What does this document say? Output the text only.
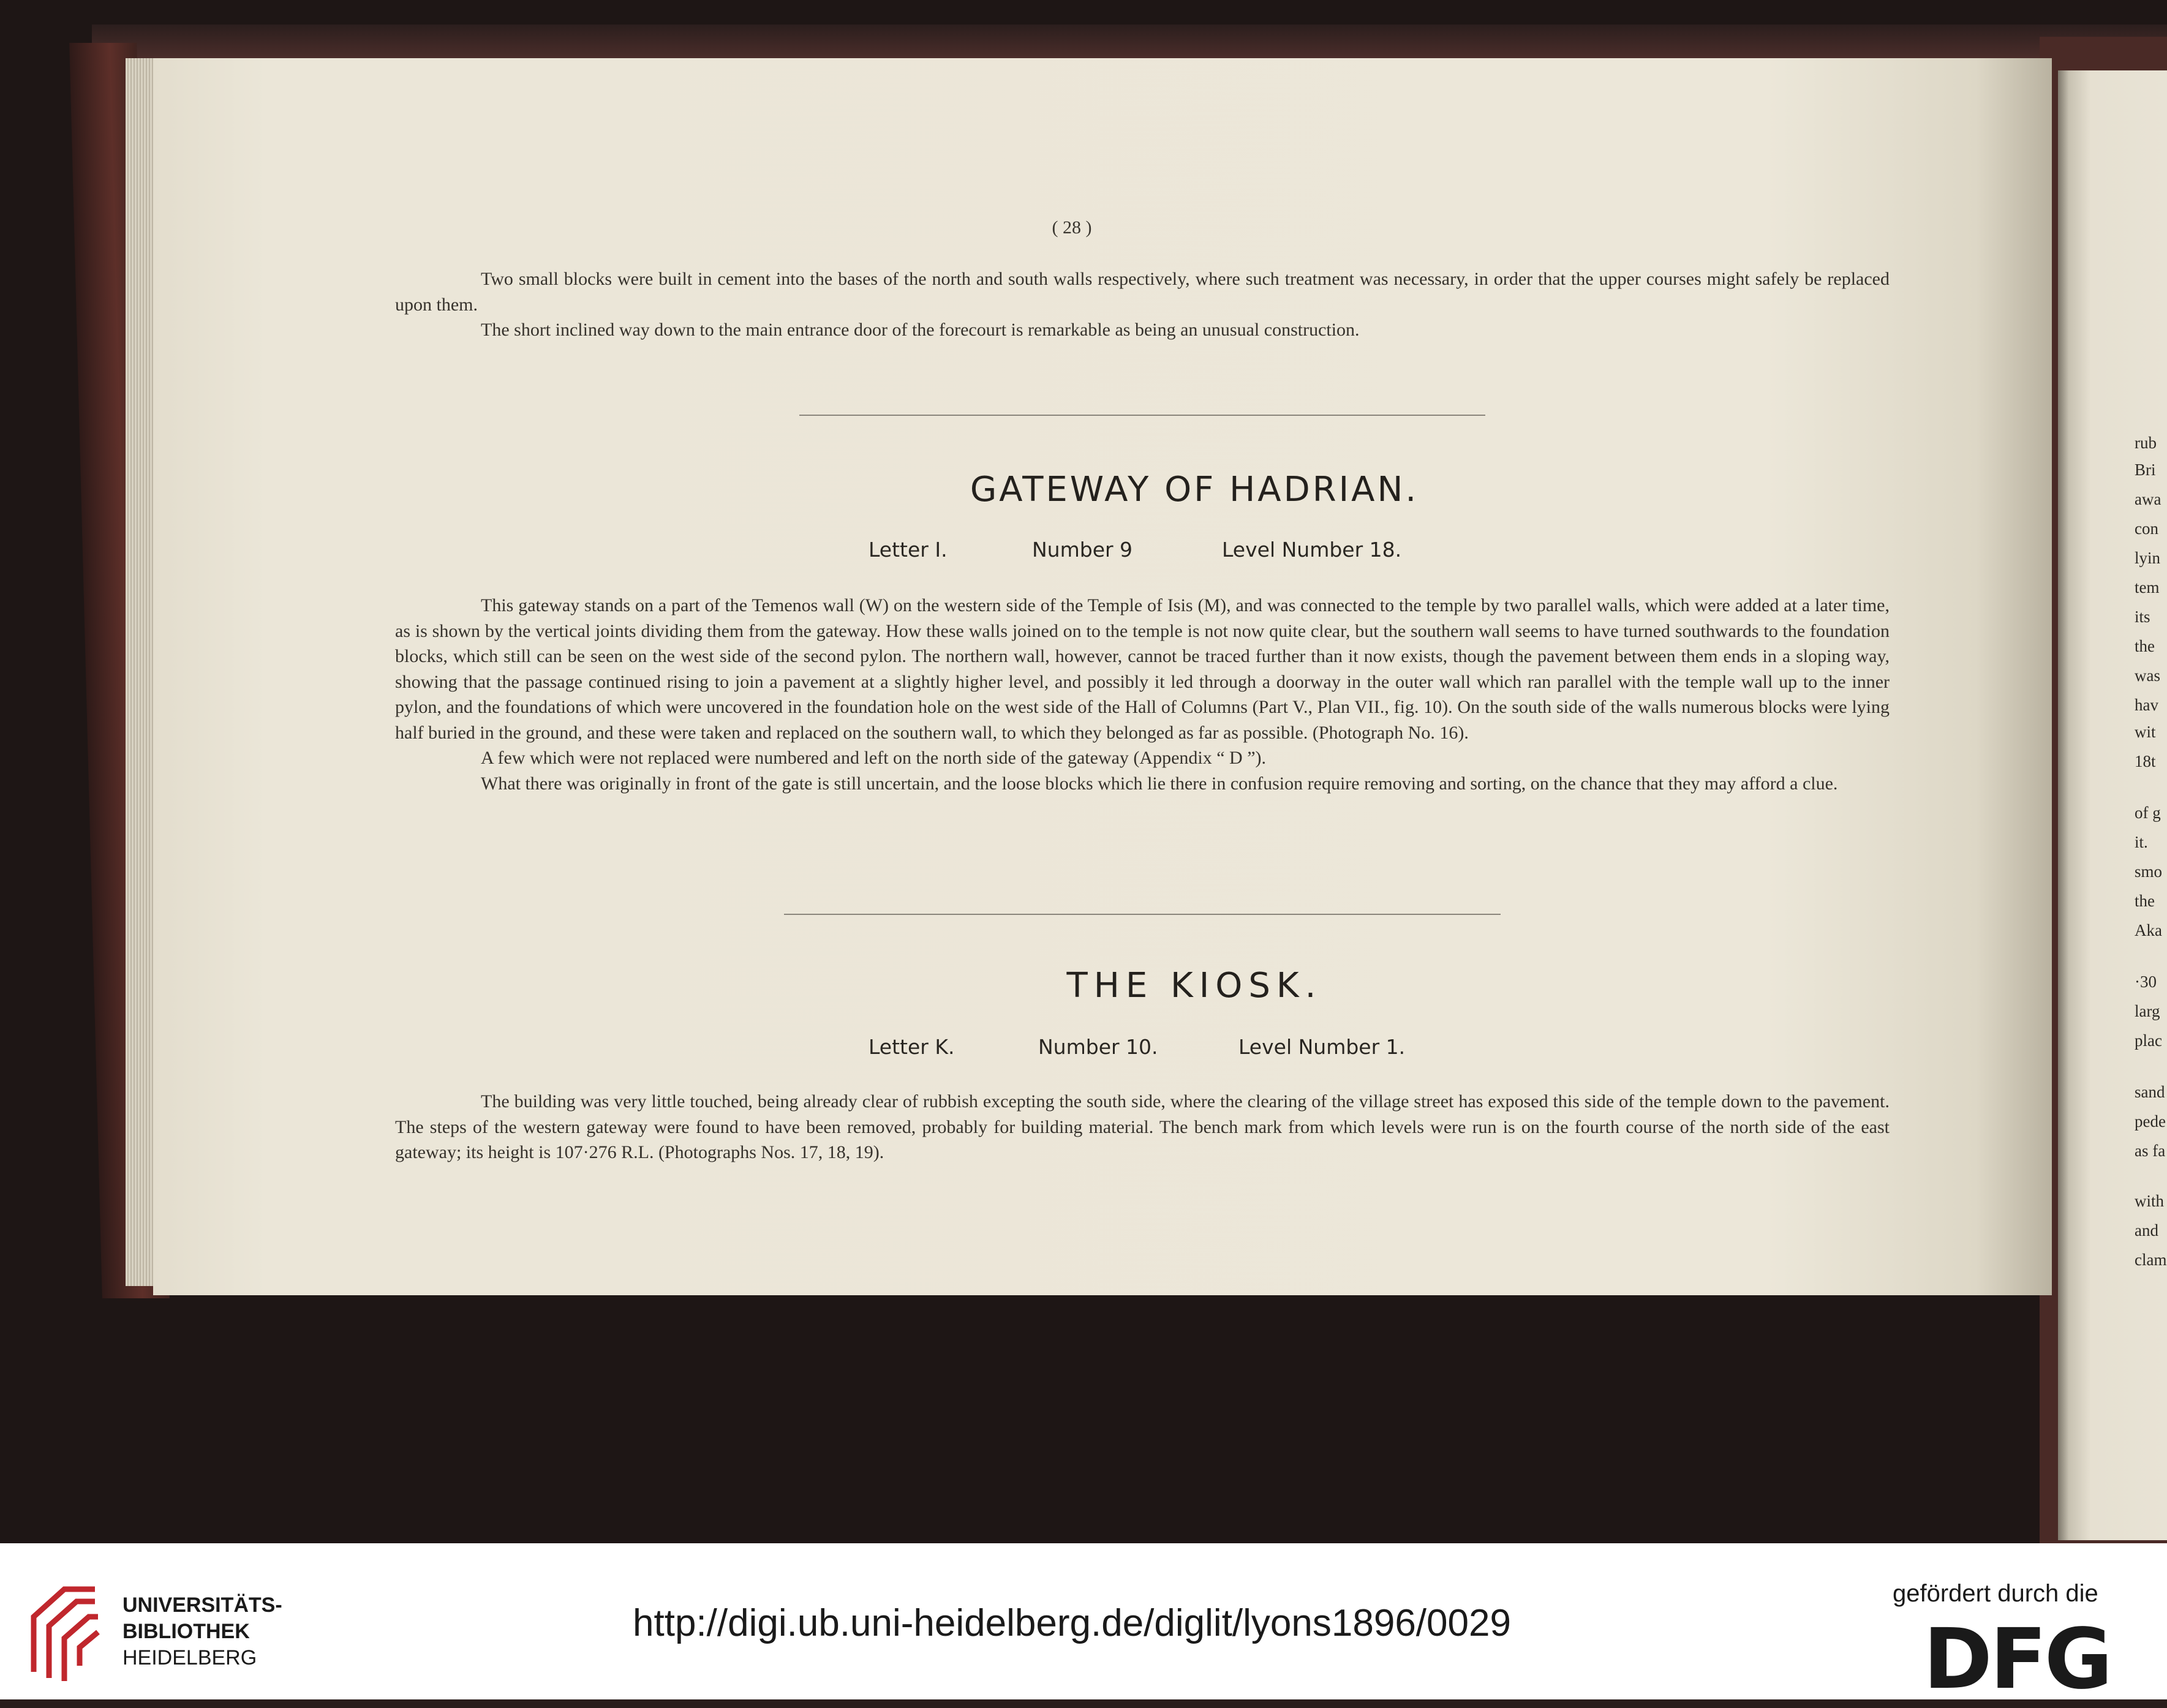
( 28 )

Two small blocks were built in cement into the bases of the north and south walls respectively, where such treatment was necessary, in order that the upper courses might safely be replaced upon them.

The short inclined way down to the main entrance door of the forecourt is remarkable as being an unusual construction.

GATEWAY OF HADRIAN.
Letter I.	Number 9	Level Number 18.

This gateway stands on a part of the Temenos wall (W) on the western side of the Temple of Isis (M), and was connected to the temple by two parallel walls, which were added at a later time, as is shown by the vertical joints dividing them from the gateway. How these walls joined on to the temple is not now quite clear, but the southern wall seems to have turned southwards to the foundation blocks, which still can be seen on the west side of the second pylon. The northern wall, however, cannot be traced further than it now exists, though the pavement between them ends in a sloping way, showing that the passage continued rising to join a pavement at a slightly higher level, and possibly it led through a doorway in the outer wall which ran parallel with the temple wall up to the inner pylon, and the foundations of which were uncovered in the foundation hole on the west side of the Hall of Columns (Part V., Plan VII., fig. 10). On the south side of the walls numerous blocks were lying half buried in the ground, and these were taken and replaced on the southern wall, to which they belonged as far as possible. (Photograph No. 16).

A few which were not replaced were numbered and left on the north side of the gateway (Appendix “ D ”).

What there was originally in front of the gate is still uncertain, and the loose blocks which lie there in confusion require removing and sorting, on the chance that they may afford a clue.

THE KIOSK.
Letter K.	Number 10.	Level Number 1.

The building was very little touched, being already clear of rubbish excepting the south side, where the clearing of the village street has exposed this side of the temple down to the pavement. The steps of the western gateway were found to have been removed, probably for building material. The bench mark from which levels were run is on the fourth course of the north side of the east gateway; its height is 107·276 R.L. (Photographs Nos. 17, 18, 19).

rub
Bri
awa
con
lyin
tem
its
the
was
hav
wit
18t
of g
it.
smo
the
Aka
·30
larg
plac
sand
pede
as fa
with
and
clam
UNIVERSITÄTS-
BIBLIOTHEK
HEIDELBERG
http://digi.ub.uni-heidelberg.de/diglit/lyons1896/0029
gefördert durch die
DFG
